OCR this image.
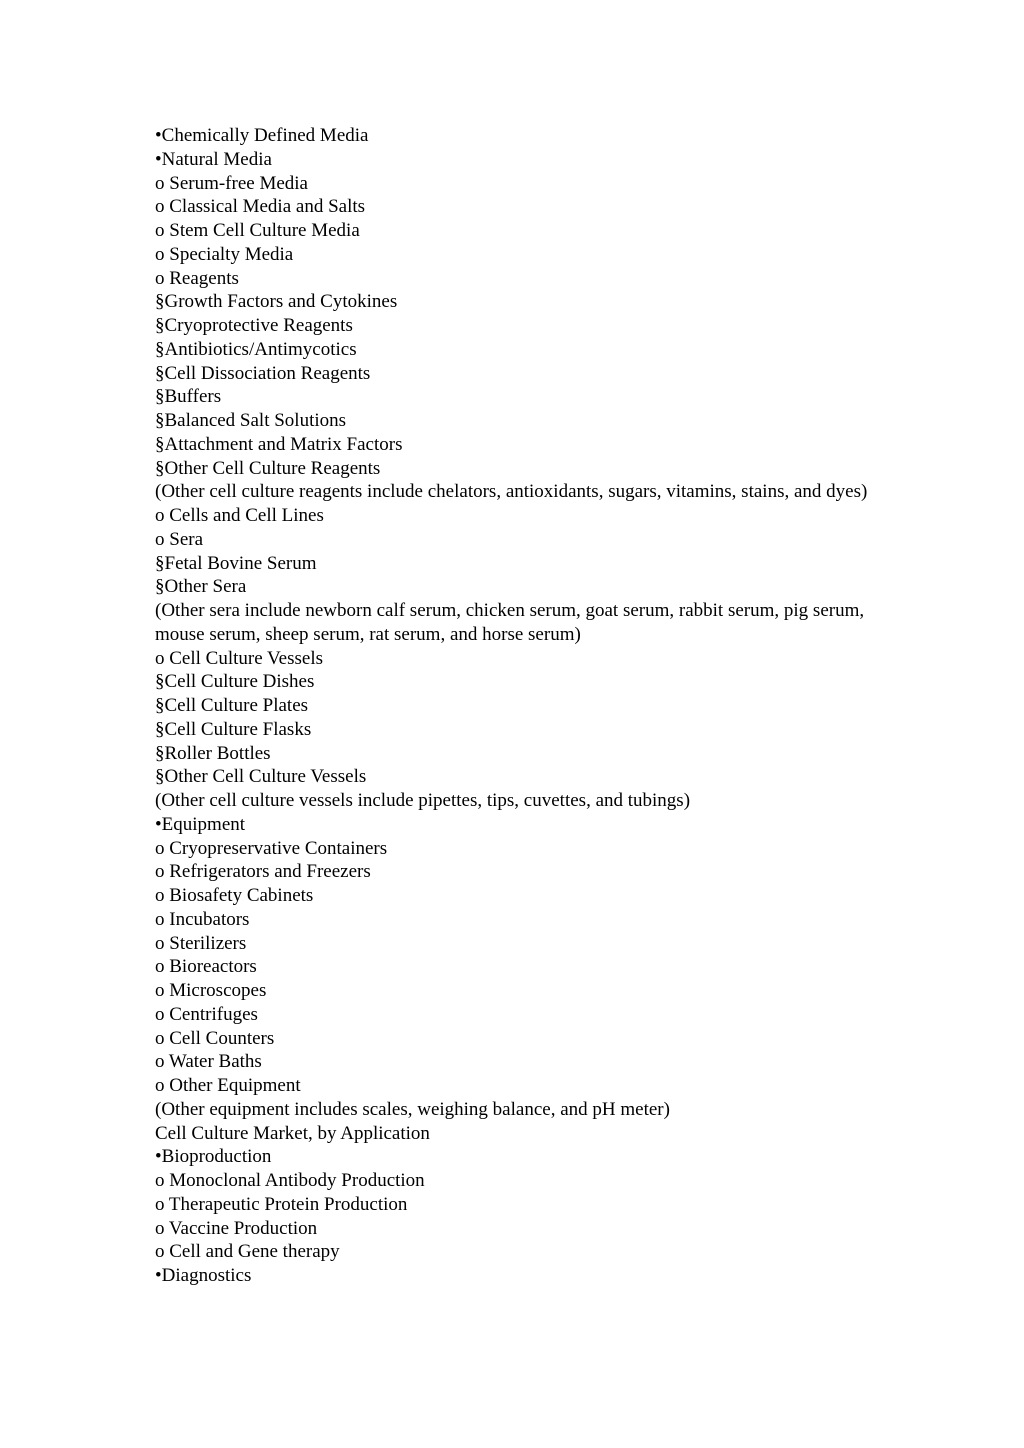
•Chemically Defined Media
•Natural Media
o Serum-free Media
o Classical Media and Salts
o Stem Cell Culture Media
o Specialty Media
o Reagents
§Growth Factors and Cytokines
§Cryoprotective Reagents
§Antibiotics/Antimycotics
§Cell Dissociation Reagents
§Buffers
§Balanced Salt Solutions
§Attachment and Matrix Factors
§Other Cell Culture Reagents
(Other cell culture reagents include chelators, antioxidants, sugars, vitamins, stains, and dyes)
o Cells and Cell Lines
o Sera
§Fetal Bovine Serum
§Other Sera
(Other sera include newborn calf serum, chicken serum, goat serum, rabbit serum, pig serum, mouse serum, sheep serum, rat serum, and horse serum)
o Cell Culture Vessels
§Cell Culture Dishes
§Cell Culture Plates
§Cell Culture Flasks
§Roller Bottles
§Other Cell Culture Vessels
(Other cell culture vessels include pipettes, tips, cuvettes, and tubings)
•Equipment
o Cryopreservative Containers
o Refrigerators and Freezers
o Biosafety Cabinets
o Incubators
o Sterilizers
o Bioreactors
o Microscopes
o Centrifuges
o Cell Counters
o Water Baths
o Other Equipment
(Other equipment includes scales, weighing balance, and pH meter)
Cell Culture Market, by Application
•Bioproduction
o Monoclonal Antibody Production
o Therapeutic Protein Production
o Vaccine Production
o Cell and Gene therapy
•Diagnostics
